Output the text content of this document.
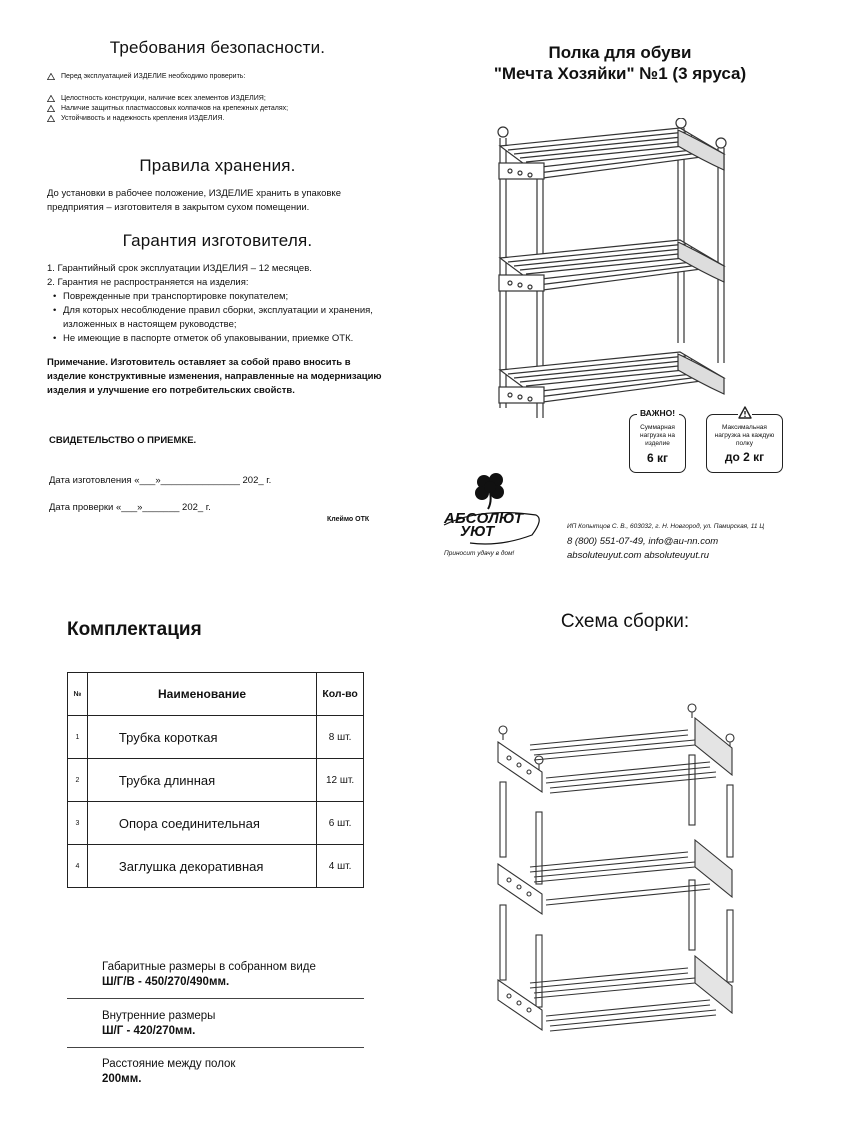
Требования безопасности.
Перед эксплуатацией ИЗДЕЛИЕ необходимо проверить:
Целостность конструкции, наличие всех элементов ИЗДЕЛИЯ;
Наличие защитных пластмассовых колпачков на крепежных деталях;
Устойчивость и надежность крепления ИЗДЕЛИЯ.
Правила хранения.
До установки в рабочее положение, ИЗДЕЛИЕ хранить в упаковке предприятия – изготовителя в закрытом сухом помещении.
Гарантия изготовителя.
1. Гарантийный срок эксплуатации ИЗДЕЛИЯ – 12 месяцев.
2. Гарантия не распространяется на изделия:
• Поврежденные при транспортировке покупателем;
• Для которых несоблюдение правил сборки, эксплуатации и хранения, изложенных в настоящем руководстве;
• Не имеющие в паспорте отметок об упаковывании, приемке ОТК.
Примечание. Изготовитель оставляет за собой право вносить в изделие конструктивные изменения, направленные на модернизацию изделия и улучшение его потребительских свойств.
СВИДЕТЕЛЬСТВО О ПРИЕМКЕ.
Дата изготовления «___»_______________ 202_ г.
Дата проверки «___»_______ 202_ г.
Клеймо ОТК
Полка для обуви
"Мечта Хозяйки" №1 (3 яруса)
ВАЖНО!
Суммарная нагрузка на изделие
6 кг
Максимальная нагрузка на каждую полку
до 2 кг
АБСОЛЮТ
УЮТ
Приносит удачу в дом!
ИП Копытцов С. В., 603032, г. Н. Новгород, ул. Памирская, 11 Ц
8 (800) 551-07-49, info@au-nn.com
absoluteuyut.com absoluteuyut.ru
Комплектация
№	Наименование	Кол-во
1	Трубка короткая	8 шт.
2	Трубка длинная	12 шт.
3	Опора соединительная	6 шт.
4	Заглушка декоративная	4 шт.
Габаритные размеры в собранном виде
Ш/Г/В - 450/270/490мм.
Внутренние размеры
Ш/Г - 420/270мм.
Расстояние между полок
200мм.
Схема сборки:
